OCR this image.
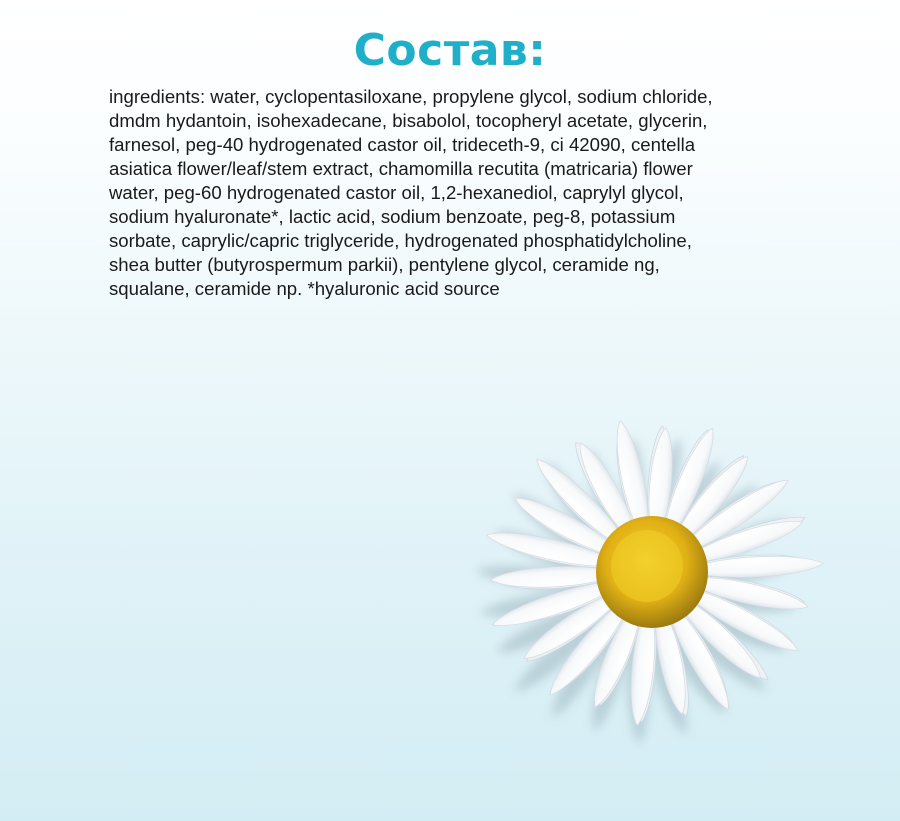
Состав:

ingredients: water, cyclopentasiloxane, propylene glycol, sodium chloride,
dmdm hydantoin, isohexadecane, bisabolol, tocopheryl acetate, glycerin,
farnesol, peg-40 hydrogenated castor oil, trideceth-9, ci 42090, centella
asiatica flower/leaf/stem extract, chamomilla recutita (matricaria) flower
water, peg-60 hydrogenated castor oil, 1,2-hexanediol, caprylyl glycol,
sodium hyaluronate*, lactic acid, sodium benzoate, peg-8, potassium
sorbate, caprylic/capric triglyceride, hydrogenated phosphatidylcholine,
shea butter (butyrospermum parkii), pentylene glycol, ceramide ng,
squalane, ceramide np. *hyaluronic acid source
